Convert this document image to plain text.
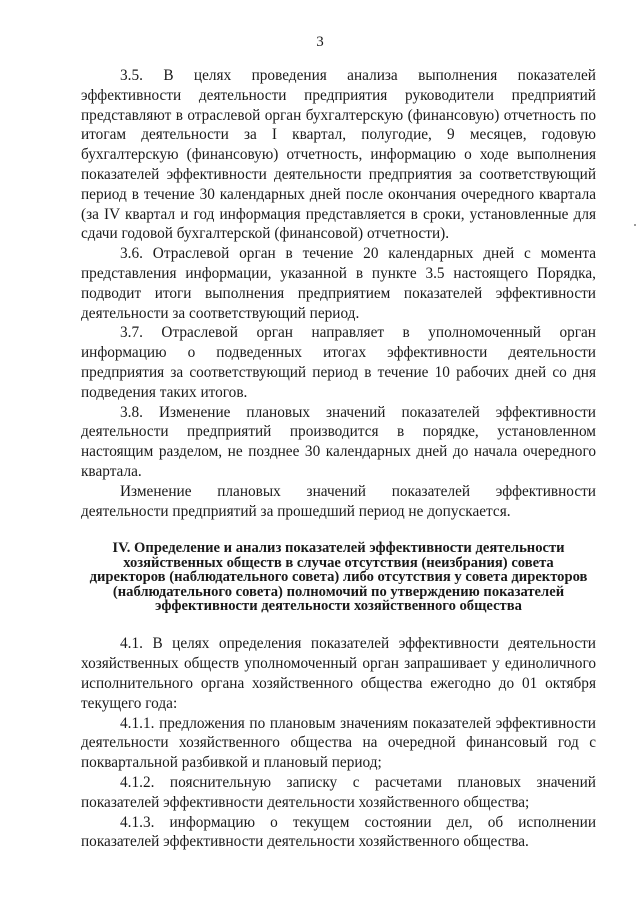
3

3.5. В целях проведения анализа выполнения показателей эффективности деятельности предприятия руководители предприятий представляют в отраслевой орган бухгалтерскую (финансовую) отчетность по итогам деятельности за I квартал, полугодие, 9 месяцев, годовую бухгалтерскую (финансовую) отчетность, информацию о ходе выполнения показателей эффективности деятельности предприятия за соответствующий период в течение 30 календарных дней после окончания очередного квартала (за IV квартал и год информация представляется в сроки, установленные для сдачи годовой бухгалтерской (финансовой) отчетности).

3.6. Отраслевой орган в течение 20 календарных дней с момента представления информации, указанной в пункте 3.5 настоящего Порядка, подводит итоги выполнения предприятием показателей эффективности деятельности за соответствующий период.

3.7. Отраслевой орган направляет в уполномоченный орган информацию о подведенных итогах эффективности деятельности предприятия за соответствующий период в течение 10 рабочих дней со дня подведения таких итогов.

3.8. Изменение плановых значений показателей эффективности деятельности предприятий производится в порядке, установленном настоящим разделом, не позднее 30 календарных дней до начала очередного квартала.

Изменение плановых значений показателей эффективности деятельности предприятий за прошедший период не допускается.

IV. Определение и анализ показателей эффективности деятельности
хозяйственных обществ в случае отсутствия (неизбрания) совета
директоров (наблюдательного совета) либо отсутствия у совета директоров
(наблюдательного совета) полномочий по утверждению показателей
эффективности деятельности хозяйственного общества

4.1. В целях определения показателей эффективности деятельности хозяйственных обществ уполномоченный орган запрашивает у единоличного исполнительного органа хозяйственного общества ежегодно до 01 октября текущего года:

4.1.1. предложения по плановым значениям показателей эффективности деятельности хозяйственного общества на очередной финансовый год с поквартальной разбивкой и плановый период;

4.1.2. пояснительную записку с расчетами плановых значений показателей эффективности деятельности хозяйственного общества;

4.1.3. информацию о текущем состоянии дел, об исполнении показателей эффективности деятельности хозяйственного общества.
